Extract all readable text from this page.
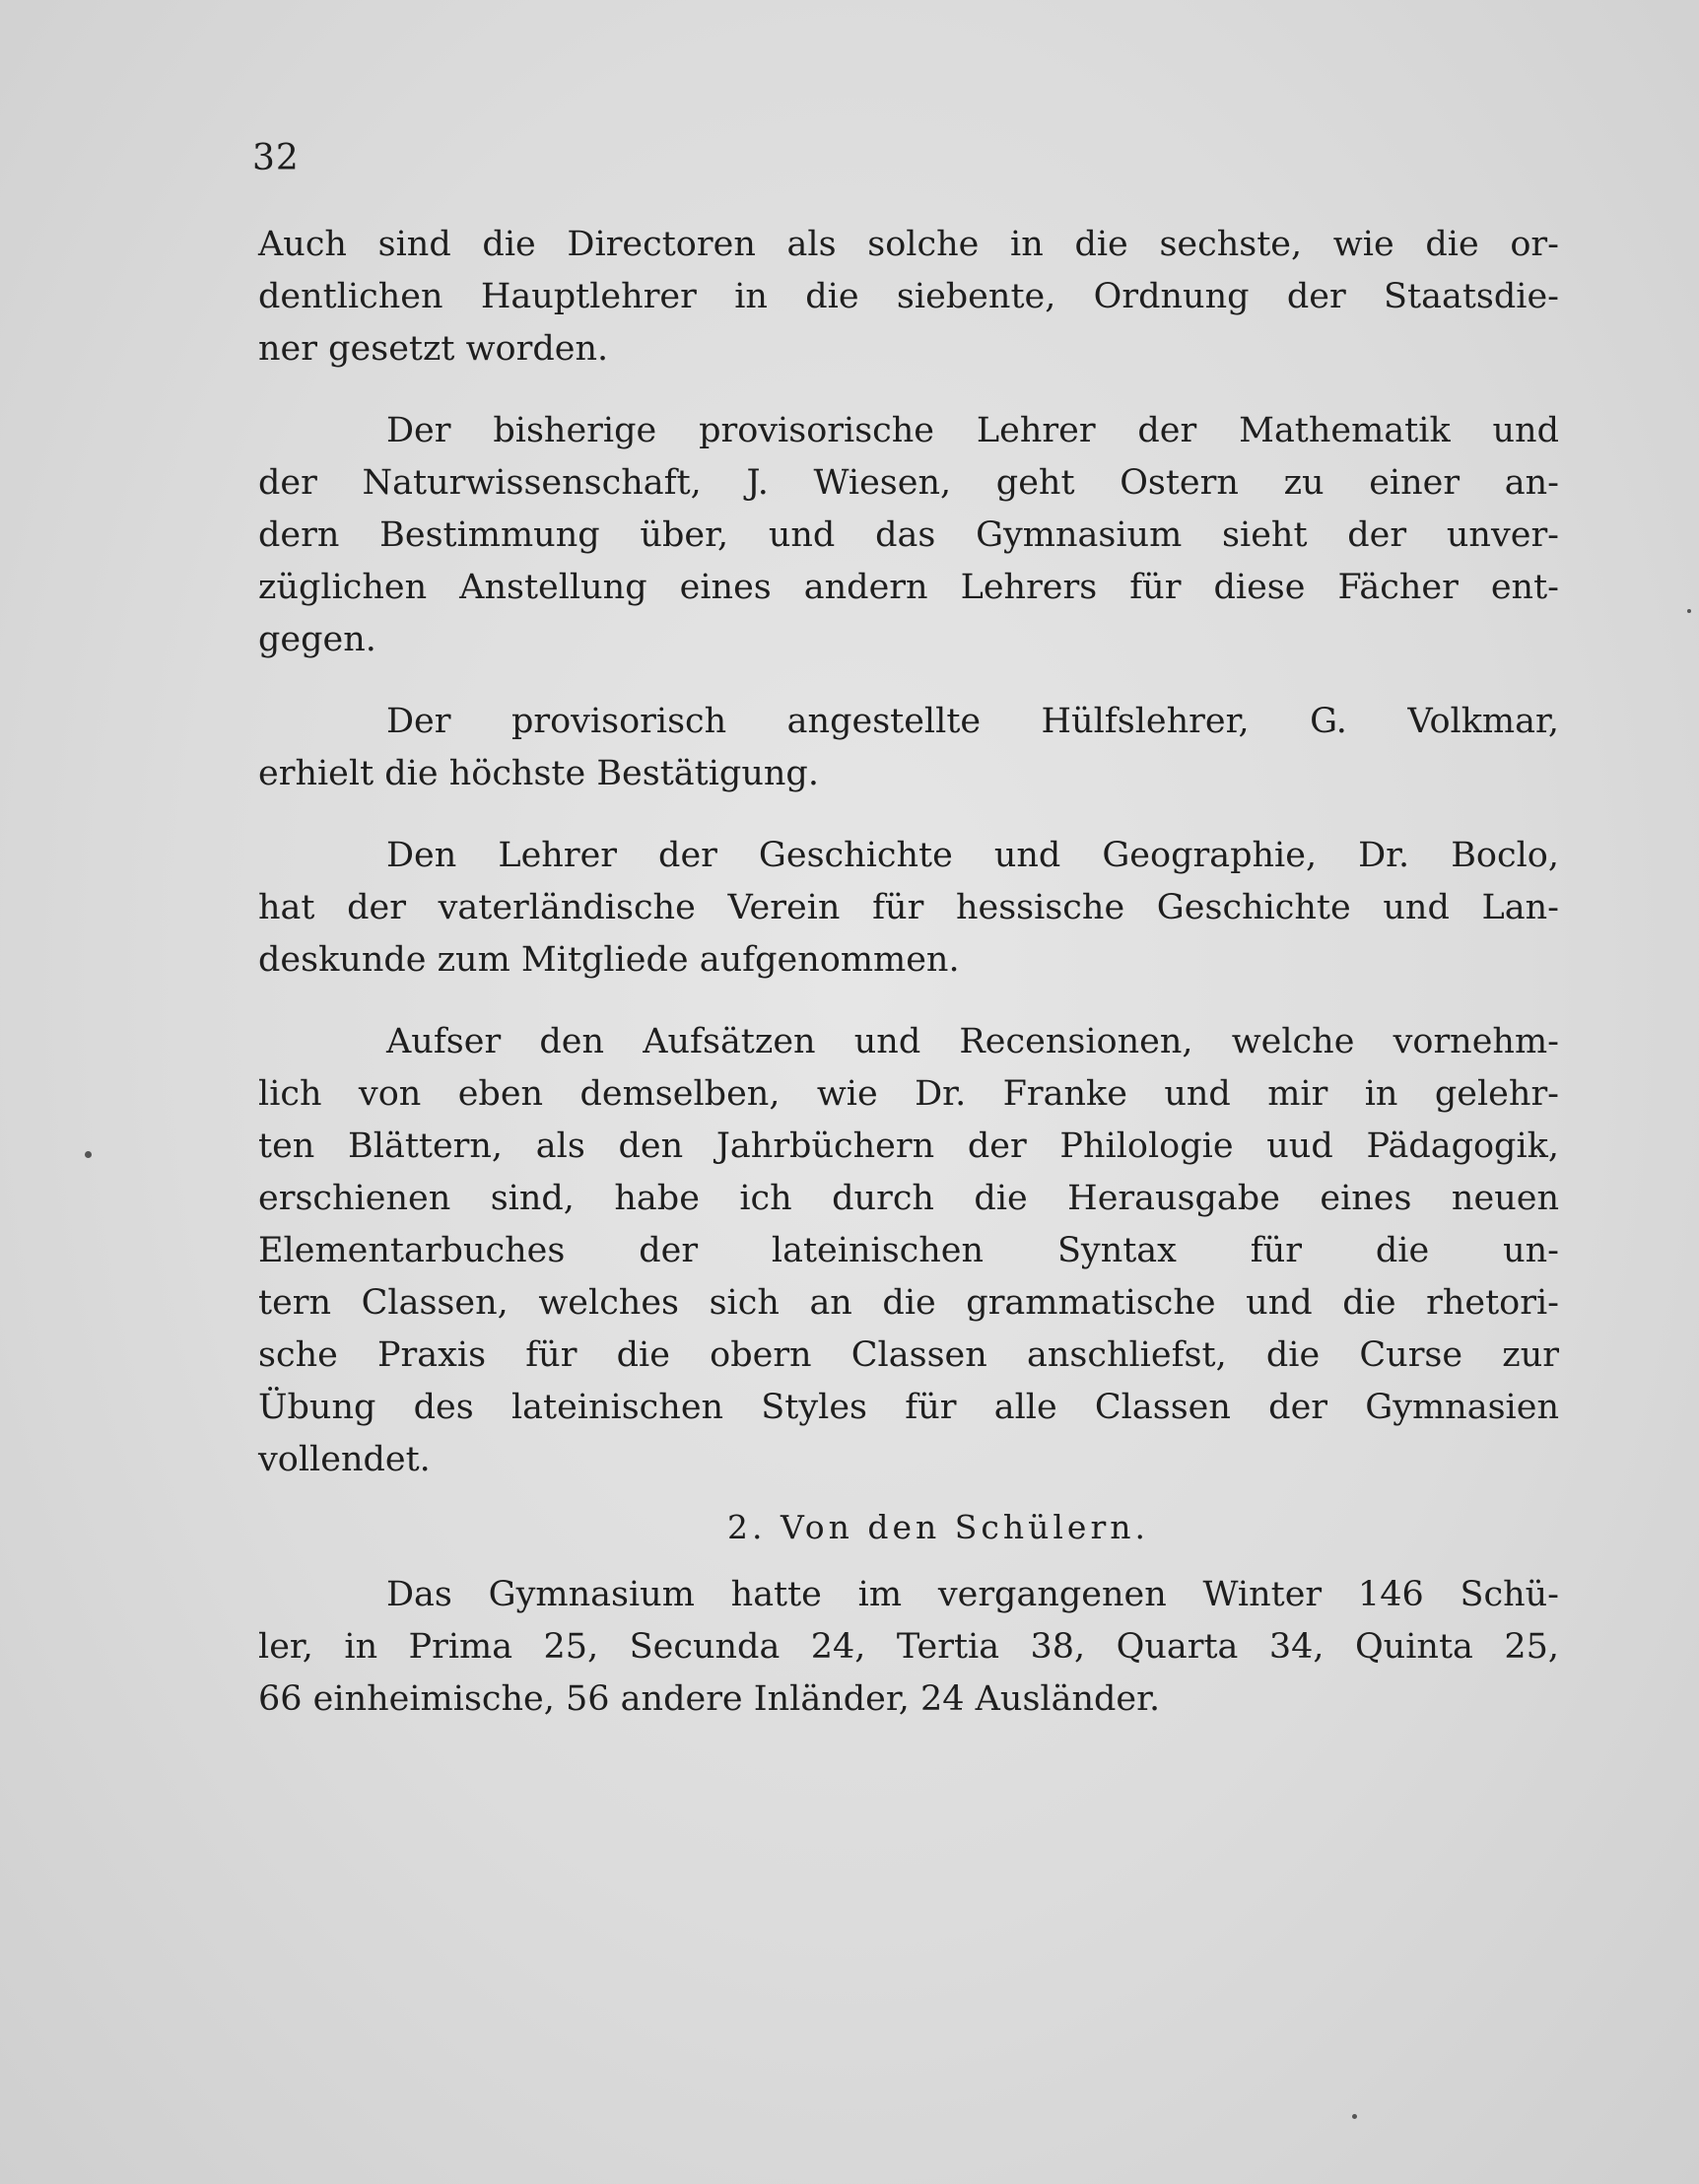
32
Auch sind die Directoren als solche in die sechste, wie die or-
dentlichen Hauptlehrer in die siebente, Ordnung der Staatsdie-
ner gesetzt worden.
Der bisherige provisorische Lehrer der Mathematik und
der Naturwissenschaft, J. Wiesen, geht Ostern zu einer an-
dern Bestimmung über, und das Gymnasium sieht der unver-
züglichen Anstellung eines andern Lehrers für diese Fächer ent-
gegen.
Der provisorisch angestellte Hülfslehrer, G. Volkmar,
erhielt die höchste Bestätigung.
Den Lehrer der Geschichte und Geographie, Dr. Boclo,
hat der vaterländische Verein für hessische Geschichte und Lan-
deskunde zum Mitgliede aufgenommen.
Aufser den Aufsätzen und Recensionen, welche vornehm-
lich von eben demselben, wie Dr. Franke und mir in gelehr-
ten Blättern, als den Jahrbüchern der Philologie uud Pädagogik,
erschienen sind, habe ich durch die Herausgabe eines neuen
Elementarbuches der lateinischen Syntax für die un-
tern Classen, welches sich an die grammatische und die rhetori-
sche Praxis für die obern Classen anschliefst, die Curse zur
Übung des lateinischen Styles für alle Classen der Gymnasien
vollendet.
2. Von den Schülern.
Das Gymnasium hatte im vergangenen Winter 146 Schü-
ler, in Prima 25, Secunda 24, Tertia 38, Quarta 34, Quinta 25,
66 einheimische, 56 andere Inländer, 24 Ausländer.
